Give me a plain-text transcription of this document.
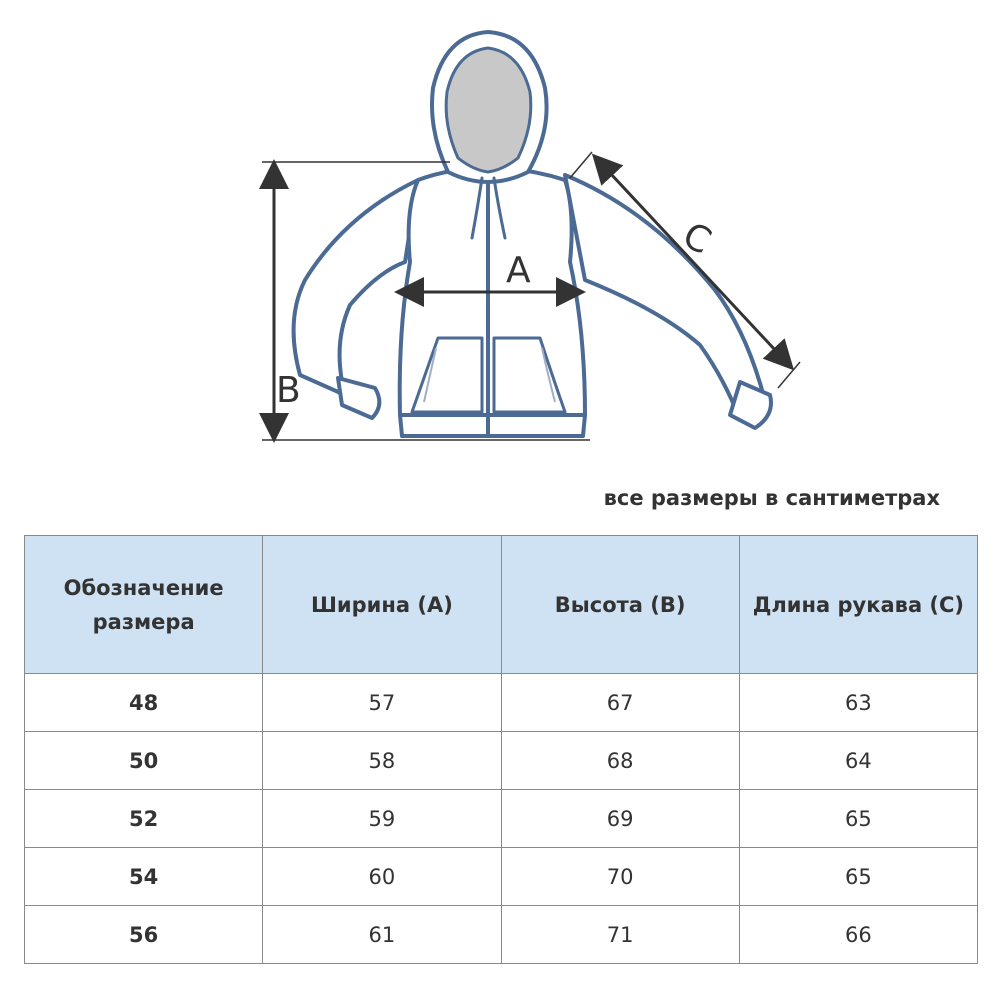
A
B
C
все размеры в сантиметрах
Обозначение размера	Ширина (A)	Высота (B)	Длина рукава (C)
48	57	67	63
50	58	68	64
52	59	69	65
54	60	70	65
56	61	71	66
